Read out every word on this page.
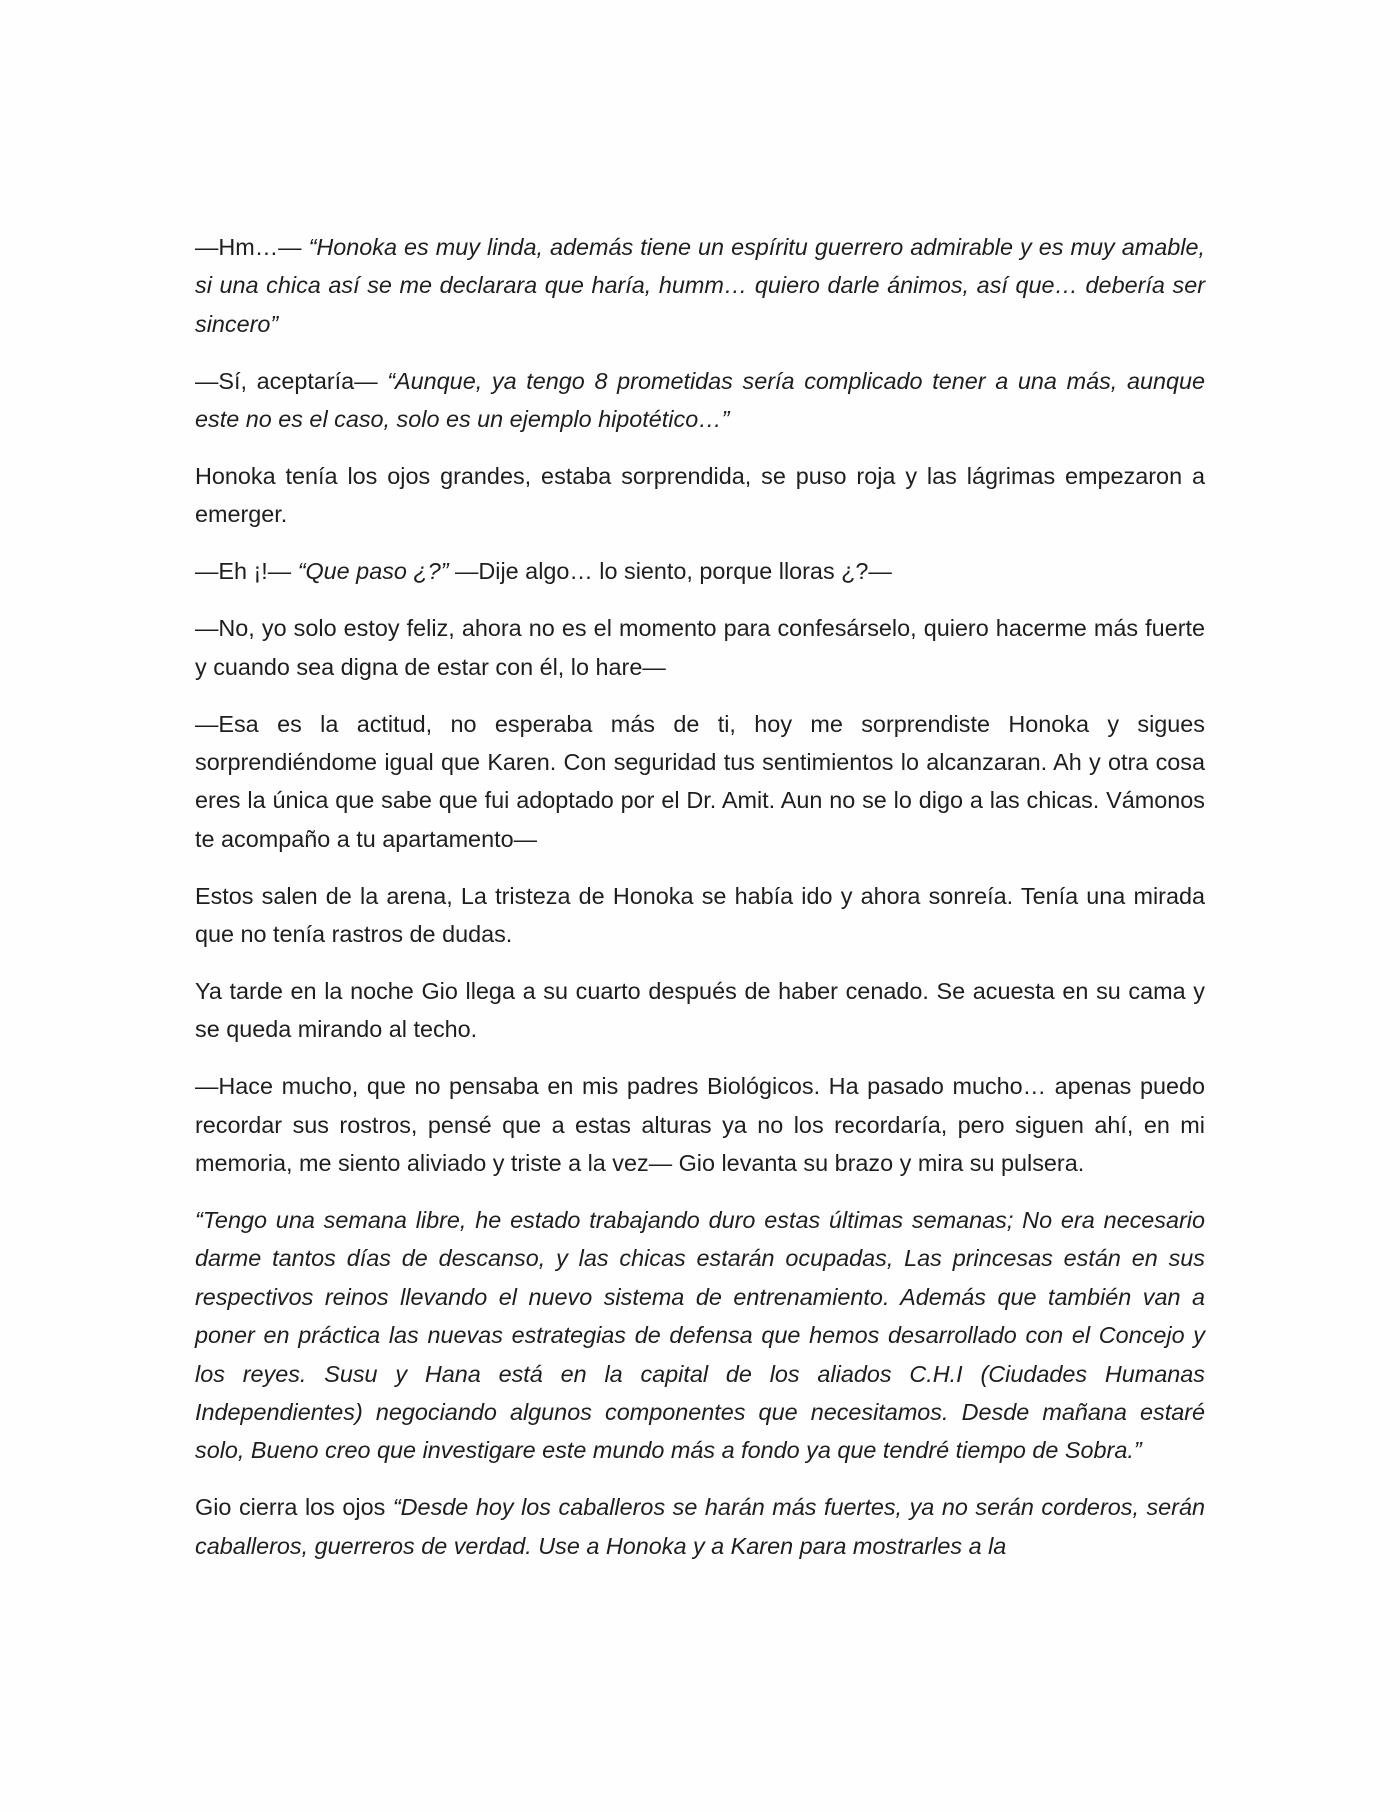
—Hm…— “Honoka es muy linda, además tiene un espíritu guerrero admirable y es muy amable, si una chica así se me declarara que haría, humm… quiero darle ánimos, así que… debería ser sincero”

—Sí, aceptaría— “Aunque, ya tengo 8 prometidas sería complicado tener a una más, aunque este no es el caso, solo es un ejemplo hipotético…”

Honoka tenía los ojos grandes, estaba sorprendida, se puso roja y las lágrimas empezaron a emerger.

—Eh ¡!— “Que paso ¿?” —Dije algo… lo siento, porque lloras ¿?—

—No, yo solo estoy feliz, ahora no es el momento para confesárselo, quiero hacerme más fuerte y cuando sea digna de estar con él, lo hare—

—Esa es la actitud, no esperaba más de ti, hoy me sorprendiste Honoka y sigues sorprendiéndome igual que Karen. Con seguridad tus sentimientos lo alcanzaran. Ah y otra cosa eres la única que sabe que fui adoptado por el Dr. Amit. Aun no se lo digo a las chicas. Vámonos te acompaño a tu apartamento—

Estos salen de la arena, La tristeza de Honoka se había ido y ahora sonreía. Tenía una mirada que no tenía rastros de dudas.

Ya tarde en la noche Gio llega a su cuarto después de haber cenado. Se acuesta en su cama y se queda mirando al techo.

—Hace mucho, que no pensaba en mis padres Biológicos. Ha pasado mucho… apenas puedo recordar sus rostros, pensé que a estas alturas ya no los recordaría, pero siguen ahí, en mi memoria, me siento aliviado y triste a la vez— Gio levanta su brazo y mira su pulsera.

“Tengo una semana libre, he estado trabajando duro estas últimas semanas; No era necesario darme tantos días de descanso, y las chicas estarán ocupadas, Las princesas están en sus respectivos reinos llevando el nuevo sistema de entrenamiento. Además que también van a poner en práctica las nuevas estrategias de defensa que hemos desarrollado con el Concejo y los reyes. Susu y Hana está en la capital de los aliados C.H.I (Ciudades Humanas Independientes) negociando algunos componentes que necesitamos. Desde mañana estaré solo, Bueno creo que investigare este mundo más a fondo ya que tendré tiempo de Sobra.”

Gio cierra los ojos “Desde hoy los caballeros se harán más fuertes, ya no serán corderos, serán caballeros, guerreros de verdad. Use a Honoka y a Karen para mostrarles a la
